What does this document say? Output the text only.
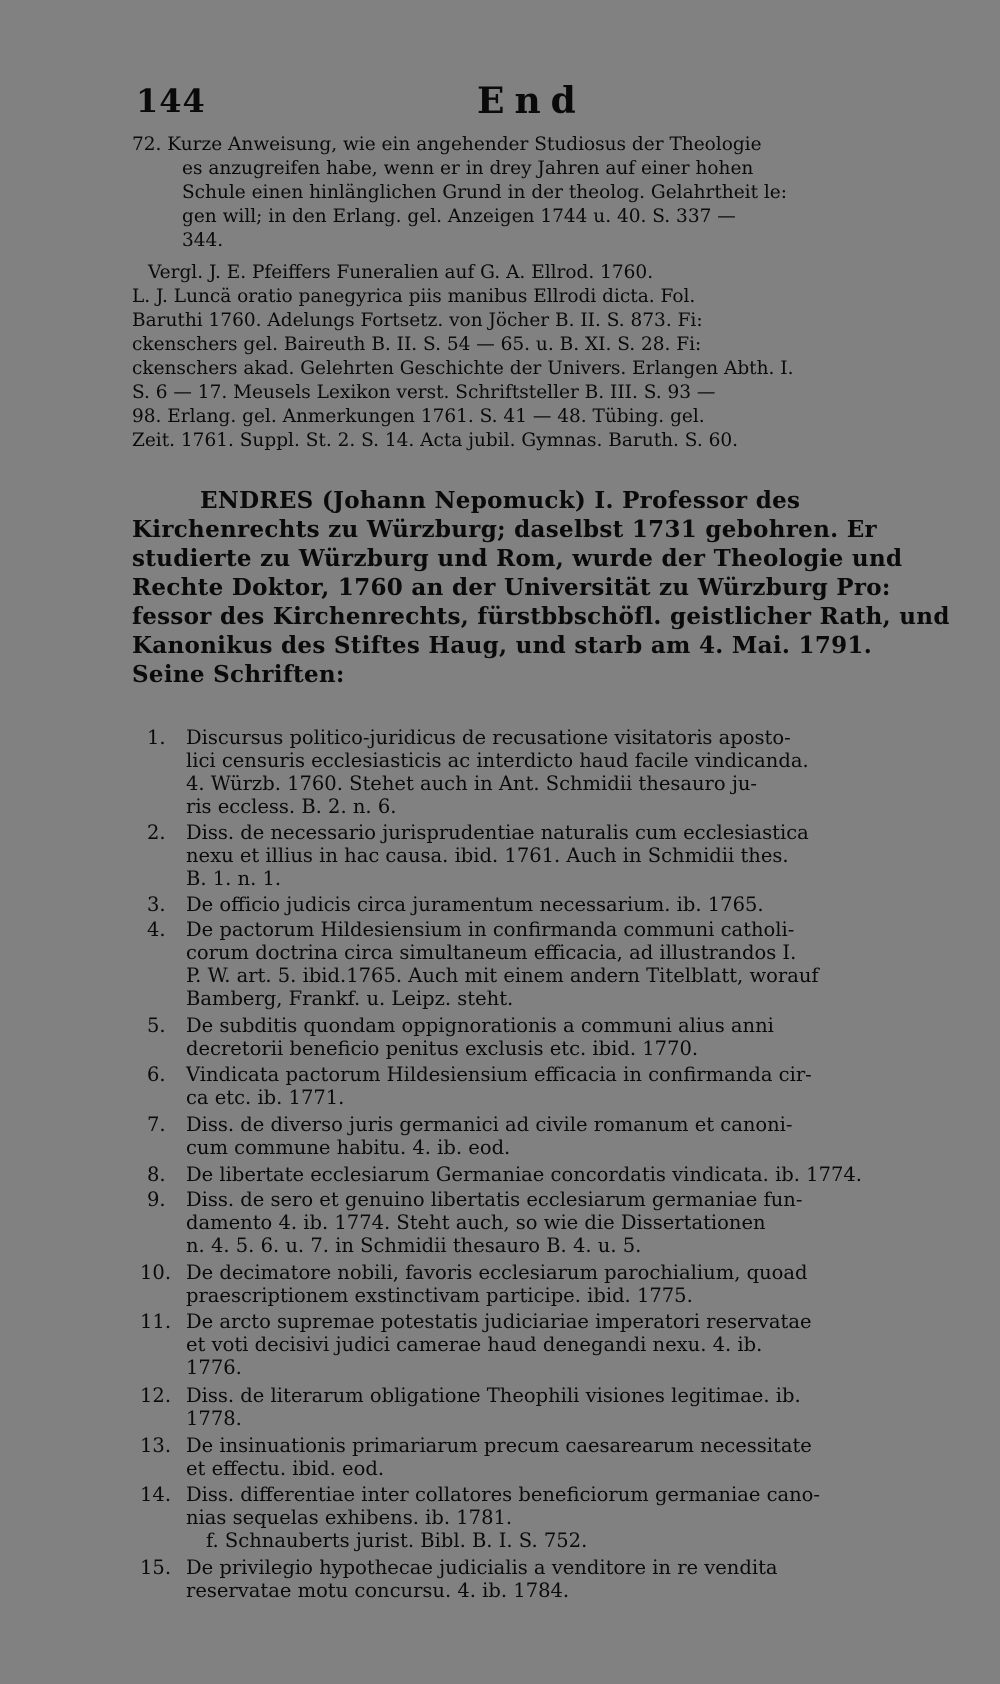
144	End
72. Kurze Anweisung, wie ein angehender Studiosus der Theologie
es anzugreifen habe, wenn er in drey Jahren auf einer hohen
Schule einen hinlänglichen Grund in der theolog. Gelahrtheit le:
gen will; in den Erlang. gel. Anzeigen 1744 u. 40. S. 337 —
344.
Vergl. J. E. Pfeiffers Funeralien auf G. A. Ellrod. 1760.
L. J. Luncä oratio panegyrica piis manibus Ellrodi dicta. Fol.
Baruthi 1760. Adelungs Fortsetz. von Jöcher B. II. S. 873. Fi:
ckenschers gel. Baireuth B. II. S. 54 — 65. u. B. XI. S. 28. Fi:
ckenschers akad. Gelehrten Geschichte der Univers. Erlangen Abth. I.
S. 6 — 17. Meusels Lexikon verst. Schriftsteller B. III. S. 93 —
98. Erlang. gel. Anmerkungen 1761. S. 41 — 48. Tübing. gel.
Zeit. 1761. Suppl. St. 2. S. 14. Acta jubil. Gymnas. Baruth. S. 60.
ENDRES (Johann Nepomuck) I. Professor des
Kirchenrechts zu Würzburg; daselbst 1731 gebohren. Er
studierte zu Würzburg und Rom, wurde der Theologie und
Rechte Doktor, 1760 an der Universität zu Würzburg Pro:
fessor des Kirchenrechts, fürstbbschöfl. geistlicher Rath, und
Kanonikus des Stiftes Haug, und starb am 4. Mai. 1791.
Seine Schriften:
1. Discursus politico-juridicus de recusatione visitatoris aposto-
lici censuris ecclesiasticis ac interdicto haud facile vindicanda.
4. Würzb. 1760. Stehet auch in Ant. Schmidii thesauro ju-
ris eccless. B. 2. n. 6.
2. Diss. de necessario jurisprudentiae naturalis cum ecclesiastica
nexu et illius in hac causa. ibid. 1761. Auch in Schmidii thes.
B. 1. n. 1.
3. De officio judicis circa juramentum necessarium. ib. 1765.
4. De pactorum Hildesiensium in confirmanda communi catholi-
corum doctrina circa simultaneum efficacia, ad illustrandos I.
P. W. art. 5. ibid.1765. Auch mit einem andern Titelblatt, worauf
Bamberg, Frankf. u. Leipz. steht.
5. De subditis quondam oppignorationis a communi alius anni
decretorii beneficio penitus exclusis etc. ibid. 1770.
6. Vindicata pactorum Hildesiensium efficacia in confirmanda cir-
ca etc. ib. 1771.
7. Diss. de diverso juris germanici ad civile romanum et canoni-
cum commune habitu. 4. ib. eod.
8. De libertate ecclesiarum Germaniae concordatis vindicata. ib. 1774.
9. Diss. de sero et genuino libertatis ecclesiarum germaniae fun-
damento 4. ib. 1774. Steht auch, so wie die Dissertationen
n. 4. 5. 6. u. 7. in Schmidii thesauro B. 4. u. 5.
10. De decimatore nobili, favoris ecclesiarum parochialium, quoad
praescriptionem exstinctivam participe. ibid. 1775.
11. De arcto supremae potestatis judiciariae imperatori reservatae
et voti decisivi judici camerae haud denegandi nexu. 4. ib.
1776.
12. Diss. de literarum obligatione Theophili visiones legitimae. ib.
1778.
13. De insinuationis primariarum precum caesarearum necessitate
et effectu. ibid. eod.
14. Diss. differentiae inter collatores beneficiorum germaniae cano-
nias sequelas exhibens. ib. 1781.
f. Schnauberts jurist. Bibl. B. I. S. 752.
15. De privilegio hypothecae judicialis a venditore in re vendita
reservatae motu concursu. 4. ib. 1784.
